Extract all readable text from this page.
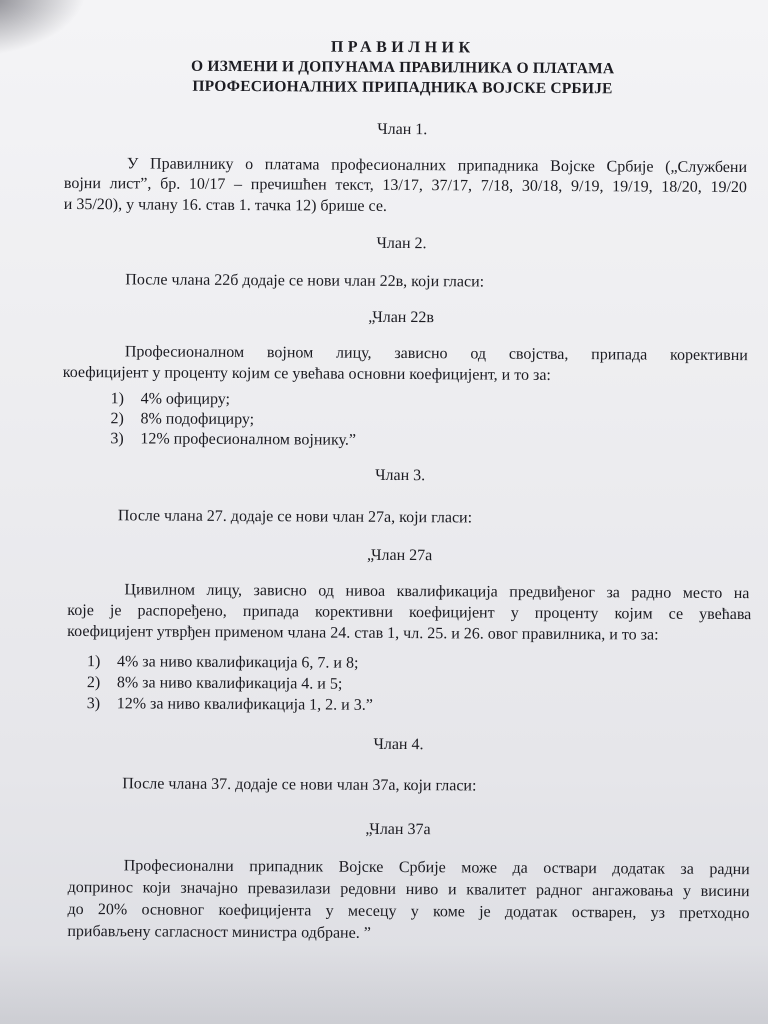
ПРАВИЛНИК
О ИЗМЕНИ И ДОПУНАМА ПРАВИЛНИКА О ПЛАТАМА
ПРОФЕСИОНАЛНИХ ПРИПАДНИКА ВОЈСКЕ СРБИЈЕ
Члан 1.
У Правилнику о платама професионалних припадника Војске Србије („Службени
војни лист”, бр. 10/17 – пречишћен текст, 13/17, 37/17, 7/18, 30/18, 9/19, 19/19, 18/20, 19/20
и 35/20), у члану 16. став 1. тачка 12) брише се.
Члан 2.
После члана 22б додаје се нови члан 22в, који гласи:
„Члан 22в
Професионалном војном лицу, зависно од својства, припада корективни
коефицијент у проценту којим се увећава основни коефицијент, и то за:
1) 4% официру;
2) 8% подофициру;
3) 12% професионалном војнику.”
Члан 3.
После члана 27. додаје се нови члан 27а, који гласи:
„Члан 27а
Цивилном лицу, зависно од нивоа квалификација предвиђеног за радно место на
које је распоређено, припада корективни коефицијент у проценту којим се увећава
коефицијент утврђен применом члана 24. став 1, чл. 25. и 26. овог правилника, и то за:
1) 4% за ниво квалификација 6, 7. и 8;
2) 8% за ниво квалификација 4. и 5;
3) 12% за ниво квалификација 1, 2. и 3.”
Члан 4.
После члана 37. додаје се нови члан 37а, који гласи:
„Члан 37а
Професионални припадник Војске Србије може да оствари додатак за радни
допринос који значајно превазилази редовни ниво и квалитет радног ангажовања у висини
до 20% основног коефицијента у месецу у коме је додатак остварен, уз претходно
прибављену сагласност министра одбране. ”
